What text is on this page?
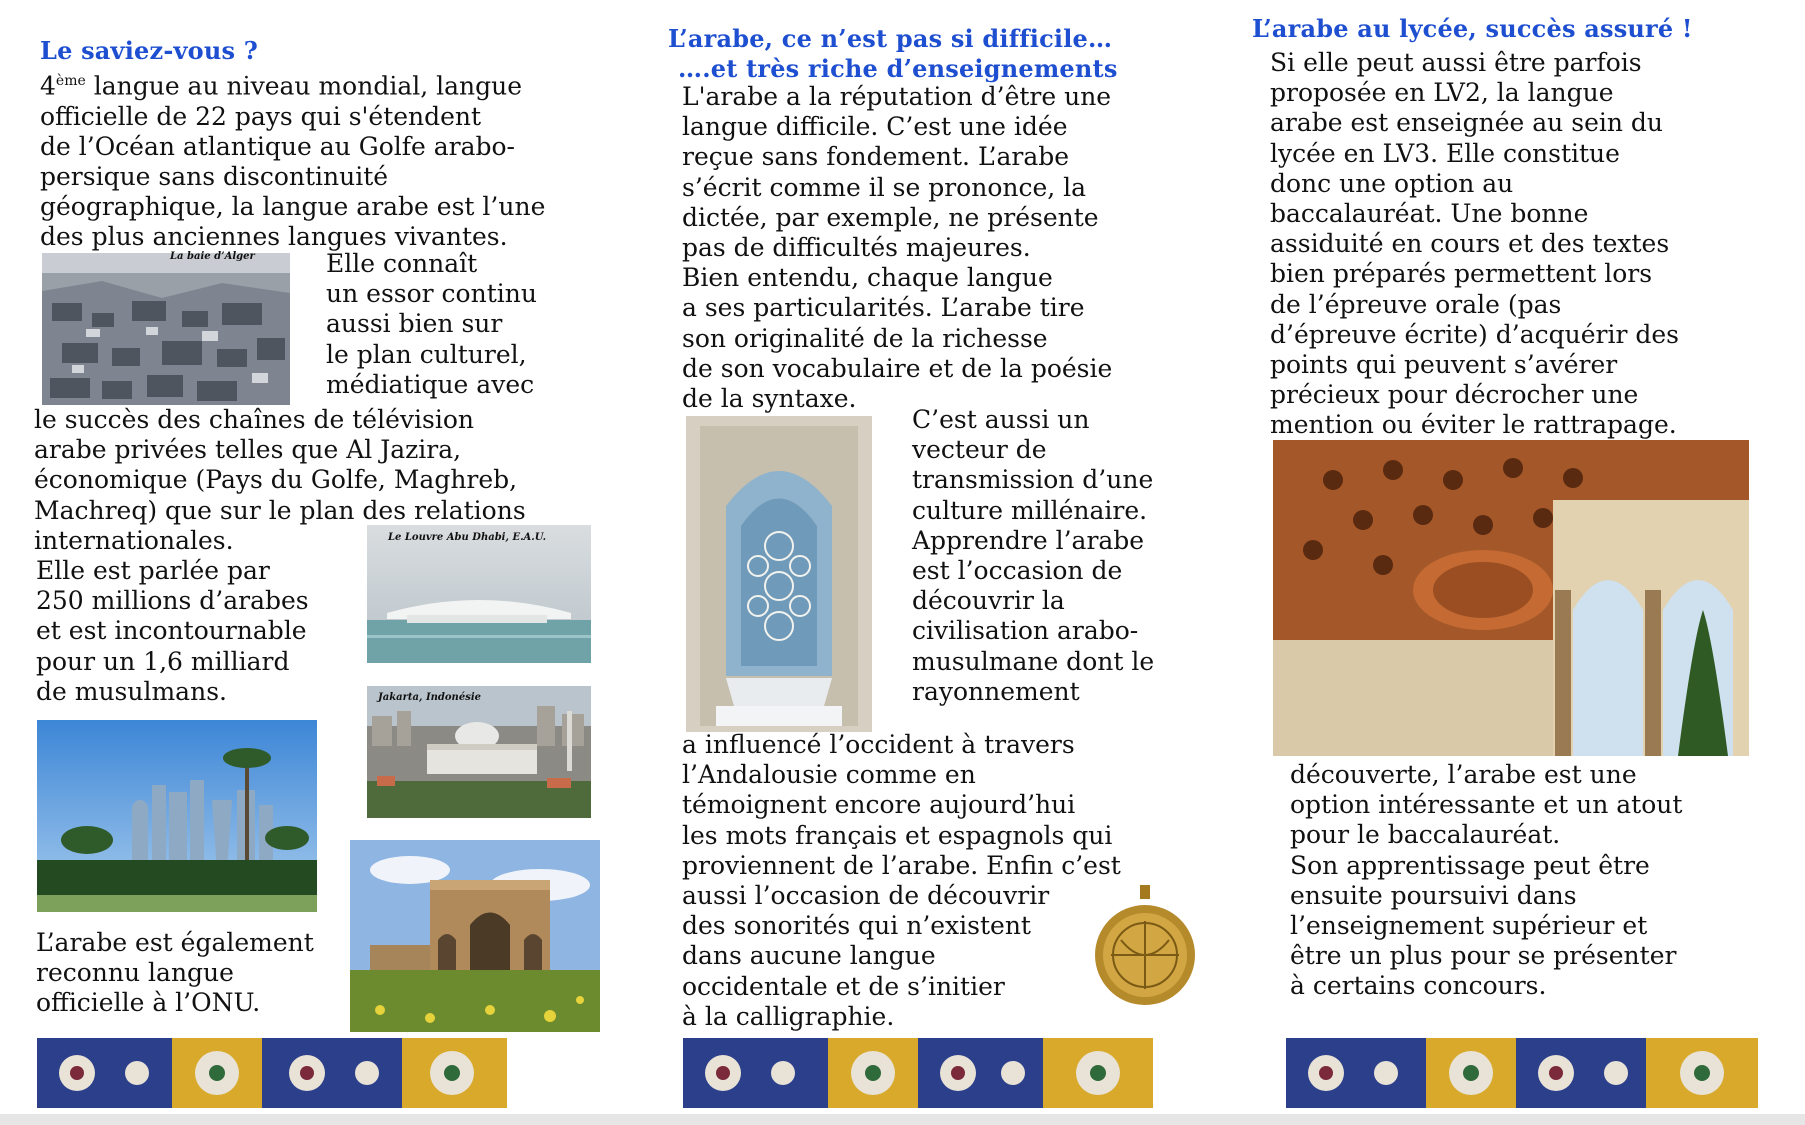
Le saviez-vous ?
4ème langue au niveau mondial, langue
officielle de 22 pays qui s'étendent
de l’Océan atlantique au Golfe arabo-
persique sans discontinuité
géographique, la langue arabe est l’une
des plus anciennes langues vivantes.
La baie d’Alger	Elle connaît
un essor continu
aussi bien sur
le plan culturel,
médiatique avec
le succès des chaînes de télévision
arabe privées telles que Al Jazira,
économique (Pays du Golfe, Maghreb,
Machreq) que sur le plan des relations
internationales.
Elle est parlée par
250 millions d’arabes
et est incontournable
pour un 1,6 milliard
de musulmans.
Le Louvre Abu Dhabi, E.A.U.
Jakarta, Indonésie
L’arabe est également
reconnu langue
officielle à l’ONU.
L’arabe, ce n’est pas si difficile…
….et très riche d’enseignements
L'arabe a la réputation d’être une
langue difficile. C’est une idée
reçue sans fondement. L’arabe
s’écrit comme il se prononce, la
dictée, par exemple, ne présente
pas de difficultés majeures.
Bien entendu, chaque langue
a ses particularités. L’arabe tire
son originalité de la richesse
de son vocabulaire et de la poésie
de la syntaxe.
C’est aussi un
vecteur de
transmission d’une
culture millénaire.
Apprendre l’arabe
est l’occasion de
découvrir la
civilisation arabo-
musulmane dont le
rayonnement
a influencé l’occident à travers
l’Andalousie comme en
témoignent encore aujourd’hui
les mots français et espagnols qui
proviennent de l’arabe. Enfin c’est
aussi l’occasion de découvrir
des sonorités qui n’existent
dans aucune langue
occidentale et de s’initier
à la calligraphie.
L’arabe au lycée, succès assuré !
Si elle peut aussi être parfois
proposée en LV2, la langue
arabe est enseignée au sein du
lycée en LV3. Elle constitue
donc une option au
baccalauréat. Une bonne
assiduité en cours et des textes
bien préparés permettent lors
de l’épreuve orale (pas
d’épreuve écrite) d’acquérir des
points qui peuvent s’avérer
précieux pour décrocher une
mention ou éviter le rattrapage.
découverte, l’arabe est une
option intéressante et un atout
pour le baccalauréat.
Son apprentissage peut être
ensuite poursuivi dans
l’enseignement supérieur et
être un plus pour se présenter
à certains concours.
